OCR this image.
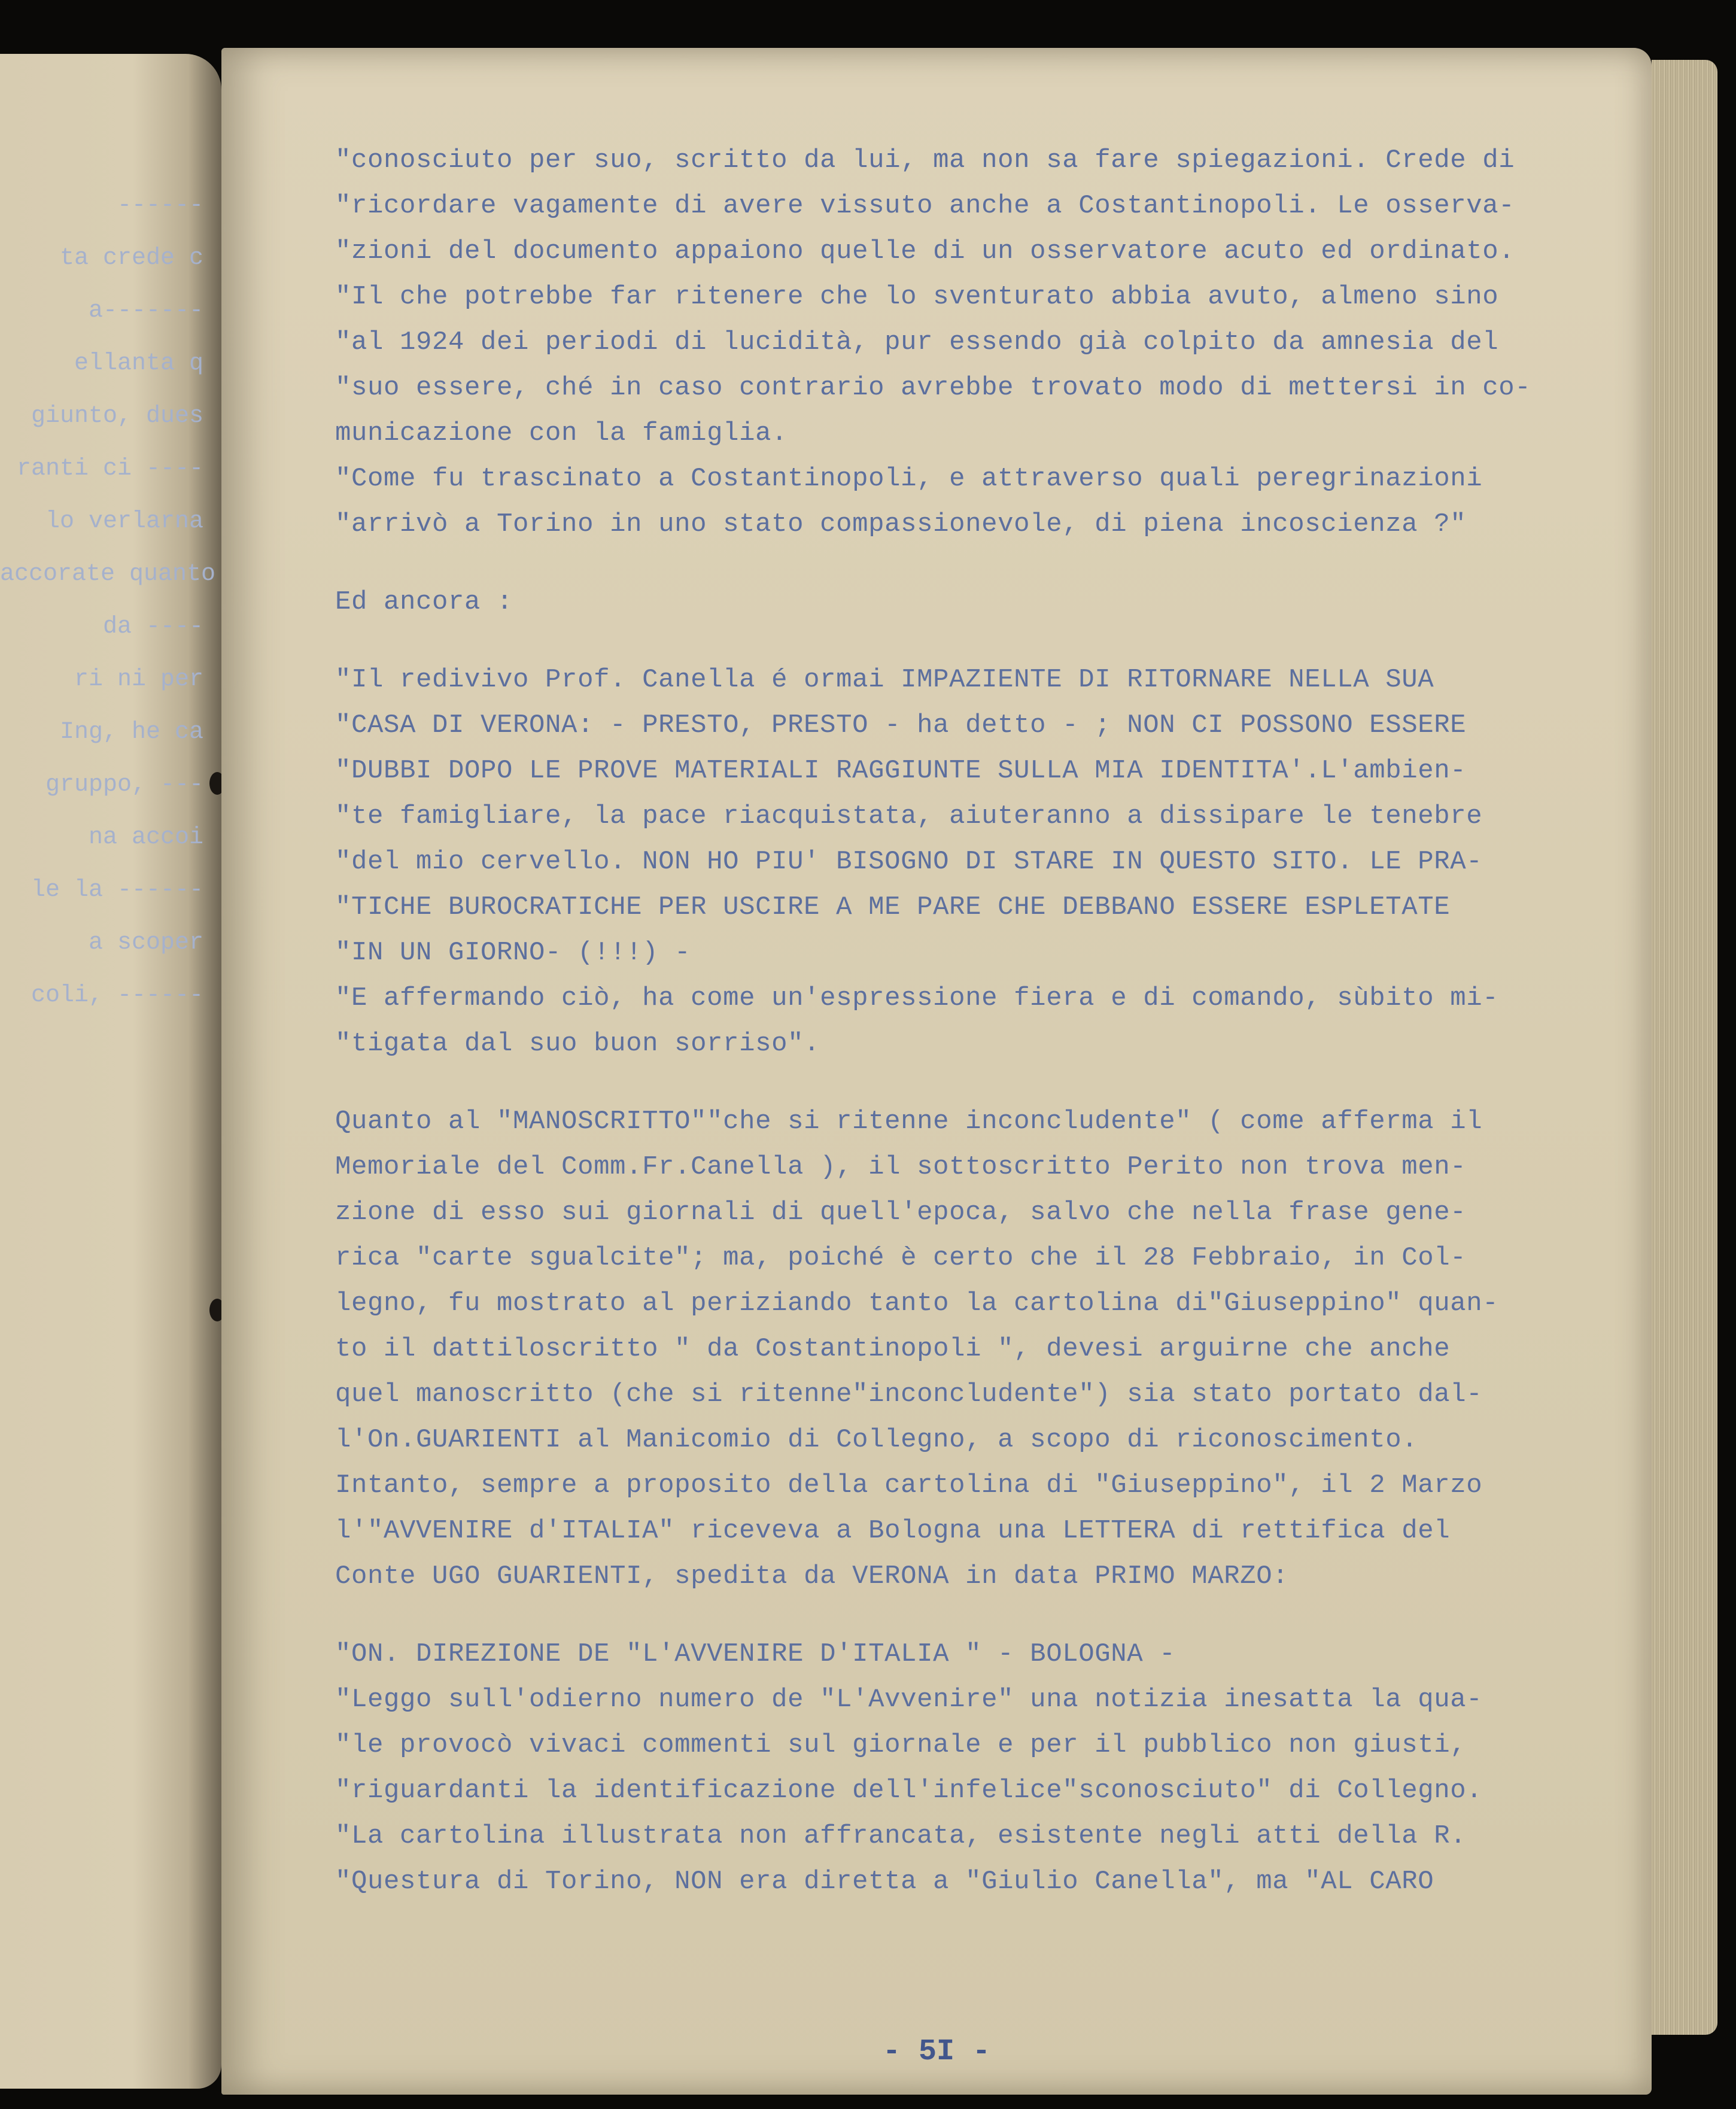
------
ta crede c
a-------
ellanta q
giunto, dues
ranti ci ----
lo verlarna
accorate quanto
da ----
ri ni per
Ing, he ca
gruppo, ---
na accoi
le la ------
a scoper
coli, ------
"conosciuto per suo, scritto da lui, ma non sa fare spiegazioni. Crede di
"ricordare vagamente di avere vissuto anche a Costantinopoli. Le osserva-
"zioni del documento appaiono quelle di un osservatore acuto ed ordinato.
"Il che potrebbe far ritenere che lo sventurato abbia avuto, almeno sino
"al 1924 dei periodi di lucidità, pur essendo già colpito da amnesia del
"suo essere, ché in caso contrario avrebbe trovato modo di mettersi in co-
municazione con la famiglia.
"Come fu trascinato a Costantinopoli, e attraverso quali peregrinazioni
"arrivò a Torino in uno stato compassionevole, di piena incoscienza ?"
Ed ancora :
"Il redivivo Prof. Canella é ormai IMPAZIENTE DI RITORNARE NELLA SUA
"CASA DI VERONA: - PRESTO, PRESTO - ha detto - ; NON CI POSSONO ESSERE
"DUBBI DOPO LE PROVE MATERIALI RAGGIUNTE SULLA MIA IDENTITA'.L'ambien-
"te famigliare, la pace riacquistata, aiuteranno a dissipare le tenebre
"del mio cervello. NON HO PIU' BISOGNO DI STARE IN QUESTO SITO. LE PRA-
"TICHE BUROCRATICHE PER USCIRE A ME PARE CHE DEBBANO ESSERE ESPLETATE
"IN UN GIORNO- (!!!) -
"E affermando ciò, ha come un'espressione fiera e di comando, sùbito mi-
"tigata dal suo buon sorriso".
Quanto al "MANOSCRITTO""che si ritenne inconcludente" ( come afferma il
Memoriale del Comm.Fr.Canella ), il sottoscritto Perito non trova men-
zione di esso sui giornali di quell'epoca, salvo che nella frase gene-
rica "carte sgualcite"; ma, poiché è certo che il 28 Febbraio, in Col-
legno, fu mostrato al periziando tanto la cartolina di"Giuseppino" quan-
to il dattiloscritto " da Costantinopoli ", devesi arguirne che anche
quel manoscritto (che si ritenne"inconcludente") sia stato portato dal-
l'On.GUARIENTI al Manicomio di Collegno, a scopo di riconoscimento.
Intanto, sempre a proposito della cartolina di "Giuseppino", il 2 Marzo
l'"AVVENIRE d'ITALIA" riceveva a Bologna una LETTERA di rettifica del
Conte UGO GUARIENTI, spedita da VERONA in data PRIMO MARZO:
"ON. DIREZIONE DE "L'AVVENIRE D'ITALIA " - BOLOGNA -
"Leggo sull'odierno numero de "L'Avvenire" una notizia inesatta la qua-
"le provocò vivaci commenti sul giornale e per il pubblico non giusti,
"riguardanti la identificazione dell'infelice"sconosciuto" di Collegno.
"La cartolina illustrata non affrancata, esistente negli atti della R.
"Questura di Torino, NON era diretta a "Giulio Canella", ma "AL CARO
- 5I -
